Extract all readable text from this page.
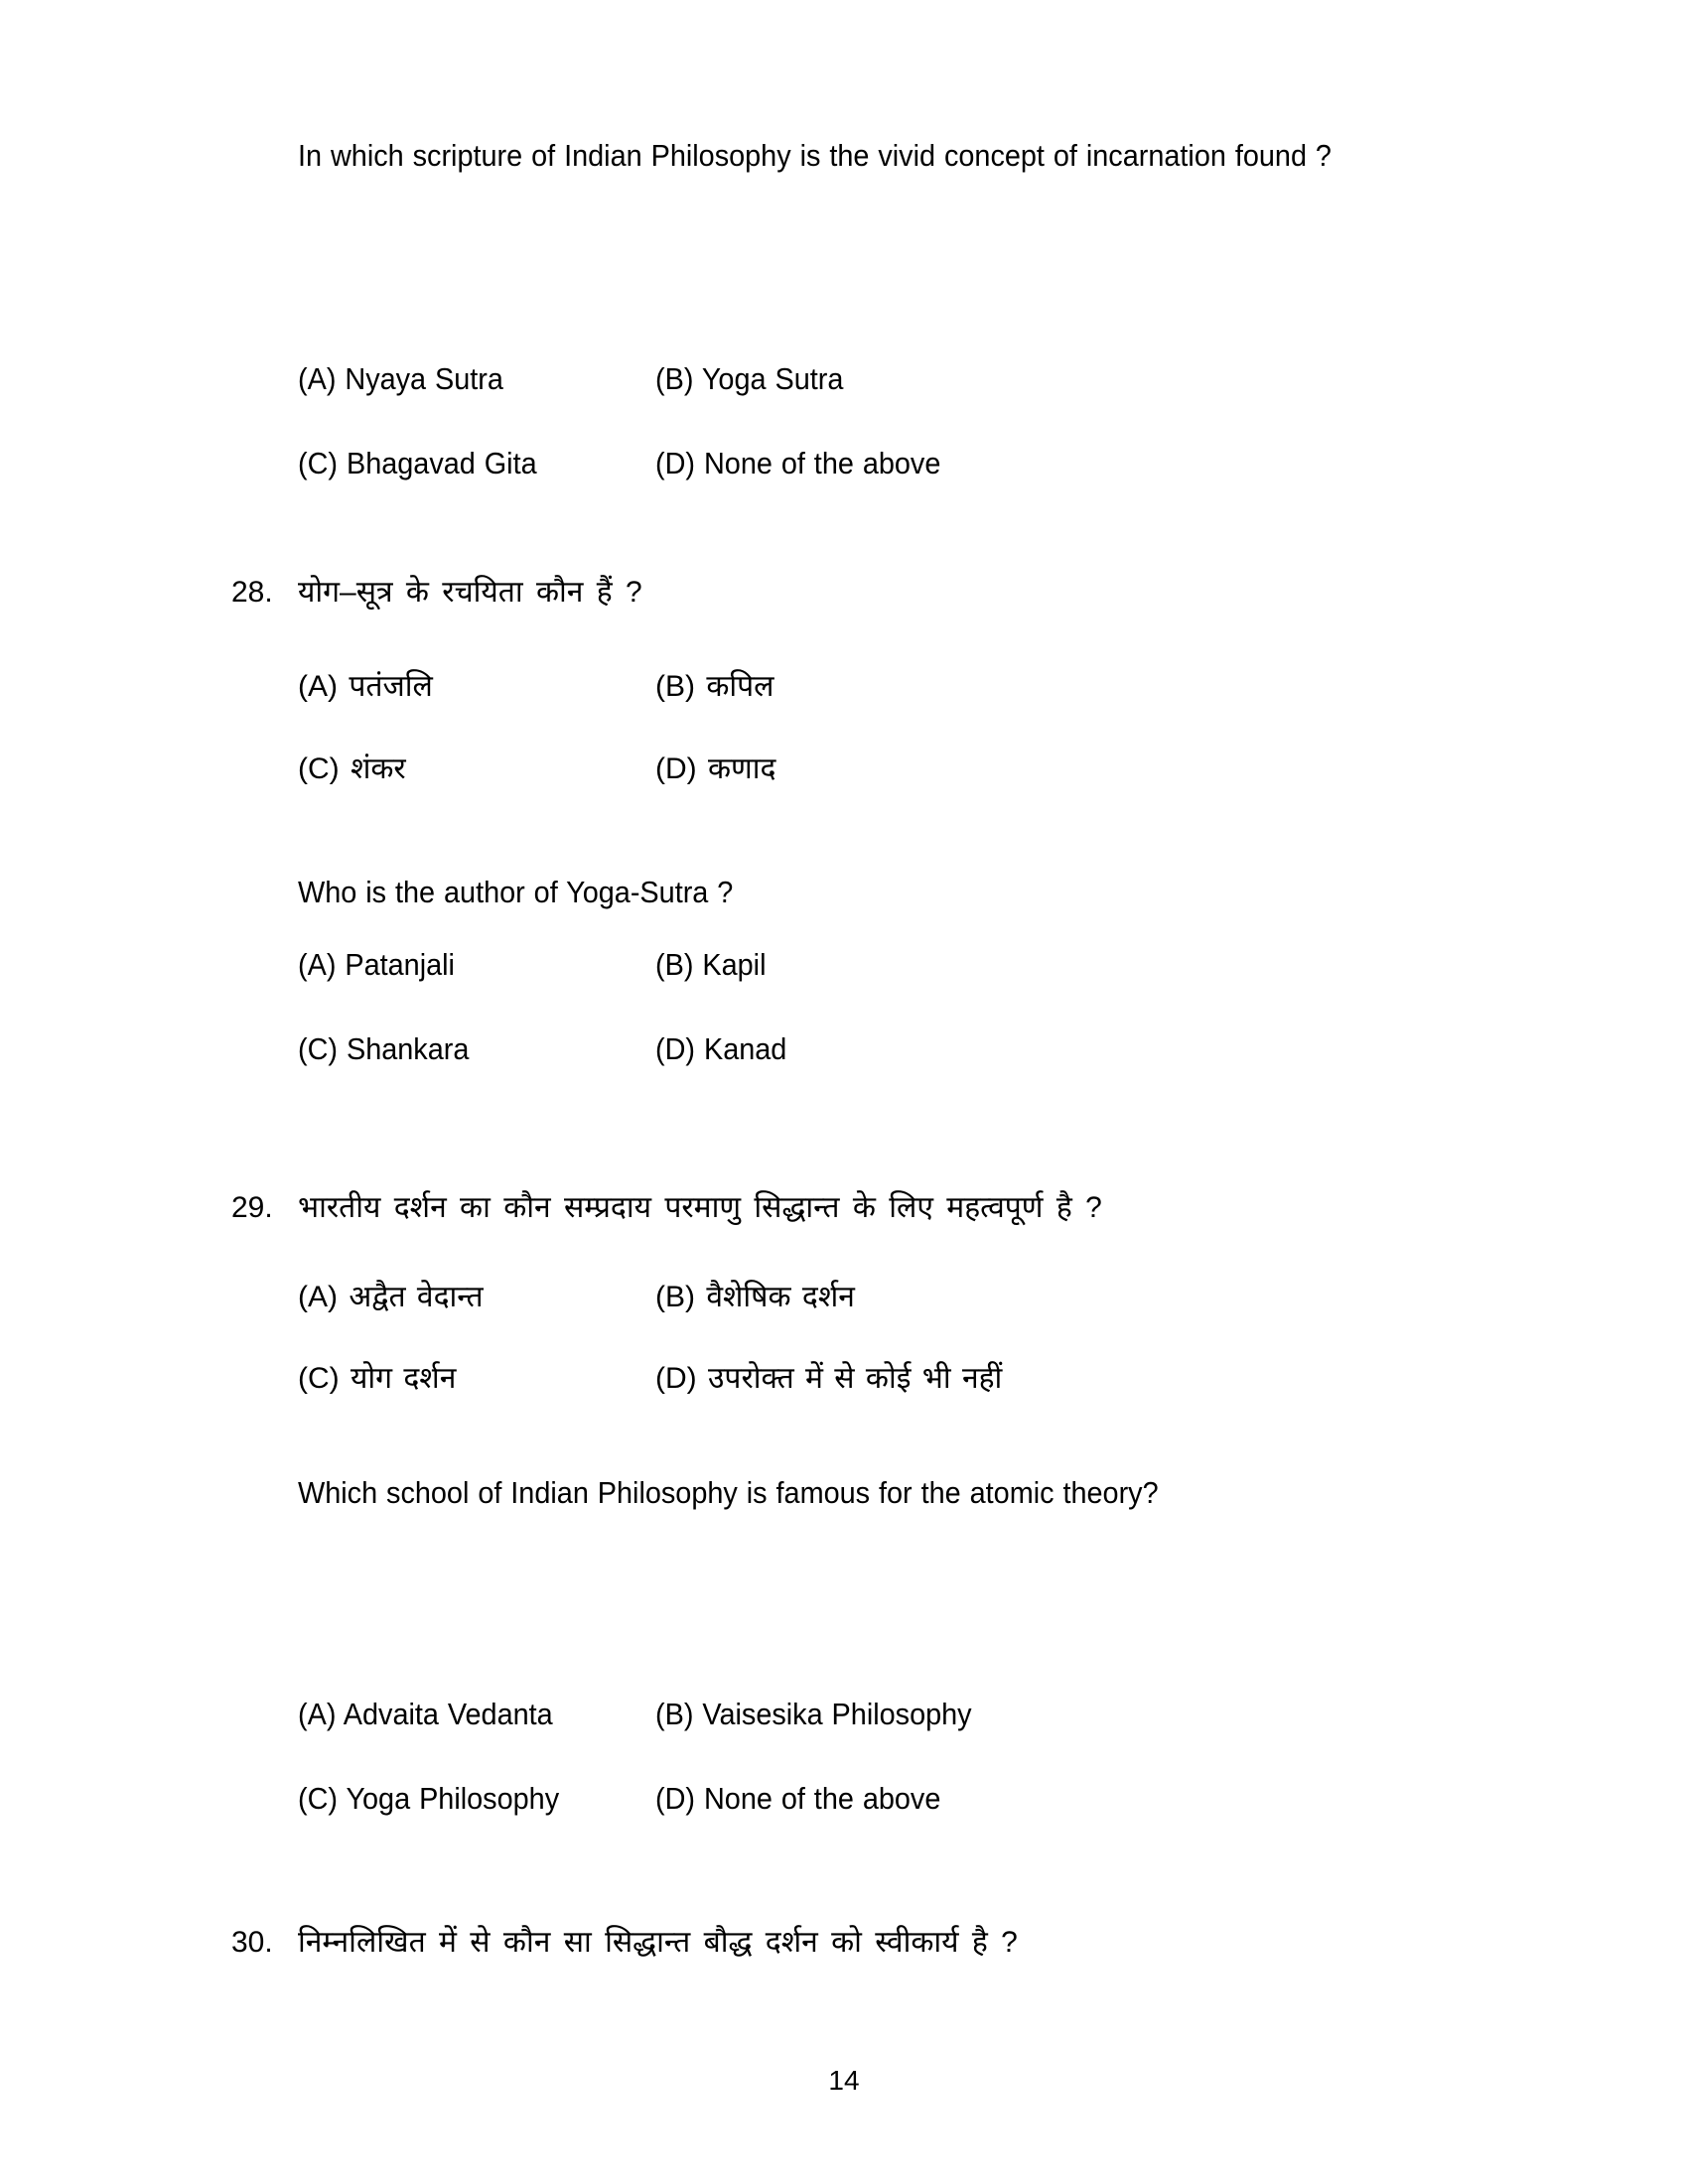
In which scripture of Indian Philosophy is the vivid concept of incarnation found ?
(A) Nyaya Sutra	(B) Yoga Sutra
(C) Bhagavad Gita	(D) None of the above
28. योग–सूत्र के रचयिता कौन हैं ?
(A) पतंजलि	(B) कपिल
(C) शंकर	(D) कणाद
Who is the author of Yoga-Sutra ?
(A) Patanjali	(B) Kapil
(C) Shankara	(D) Kanad
29. भारतीय दर्शन का कौन सम्प्रदाय परमाणु सिद्धान्त के लिए महत्वपूर्ण है ?
(A) अद्वैत वेदान्त	(B) वैशेषिक दर्शन
(C) योग दर्शन	(D) उपरोक्त में से कोई भी नहीं
Which school of Indian Philosophy is famous for the atomic theory?
(A) Advaita Vedanta	(B) Vaisesika Philosophy
(C) Yoga Philosophy	(D) None of the above
30. निम्नलिखित में से कौन सा सिद्धान्त बौद्ध दर्शन को स्वीकार्य है ?
14
